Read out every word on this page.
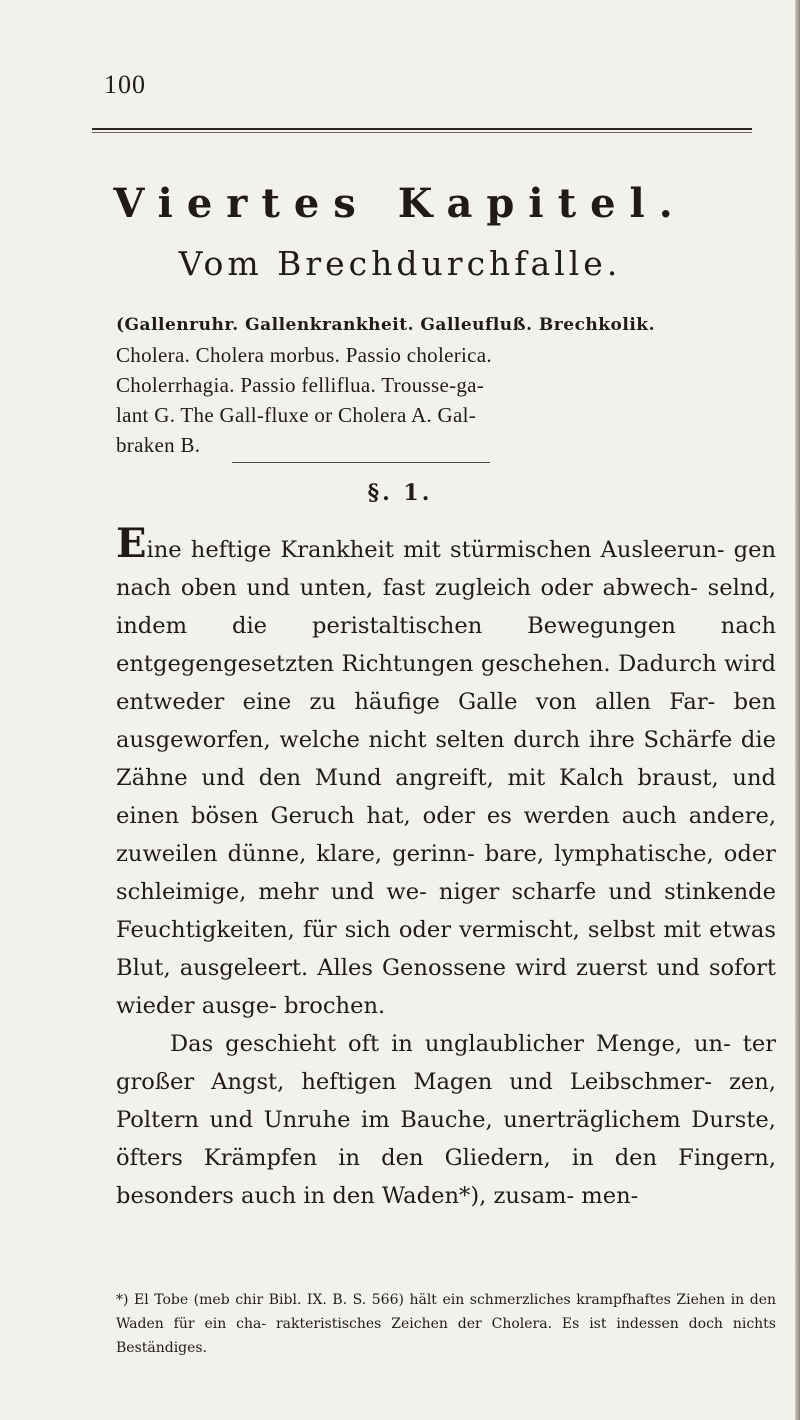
100
Viertes Kapitel.
Vom Brechdurchfalle.
(Gallenruhr. Gallenkrankheit. Galleufluß. Brechkolik.
Cholera. Cholera morbus. Passio cholerica.
Cholerrhagia. Passio felliflua. Trousse-ga-
lant G. The Gall-fluxe or Cholera A. Gal-
braken B.
§. 1.

Eine heftige Krankheit mit stürmischen Ausleerun- gen nach oben und unten, fast zugleich oder abwech- selnd, indem die peristaltischen Bewegungen nach entgegengesetzten Richtungen geschehen. Dadurch wird entweder eine zu häufige Galle von allen Far- ben ausgeworfen, welche nicht selten durch ihre Schärfe die Zähne und den Mund angreift, mit Kalch braust, und einen bösen Geruch hat, oder es werden auch andere, zuweilen dünne, klare, gerinn- bare, lymphatische, oder schleimige, mehr und we- niger scharfe und stinkende Feuchtigkeiten, für sich oder vermischt, selbst mit etwas Blut, ausgeleert. Alles Genossene wird zuerst und sofort wieder ausge- brochen.

Das geschieht oft in unglaublicher Menge, un- ter großer Angst, heftigen Magen und Leibschmer- zen, Poltern und Unruhe im Bauche, unerträglichem Durste, öfters Krämpfen in den Gliedern, in den Fingern, besonders auch in den Waden*), zusam- men-

*) El Tobe (meb chir Bibl. IX. B. S. 566) hält ein schmerzliches krampfhaftes Ziehen in den Waden für ein cha- rakteristisches Zeichen der Cholera. Es ist indessen doch nichts Beständiges.
